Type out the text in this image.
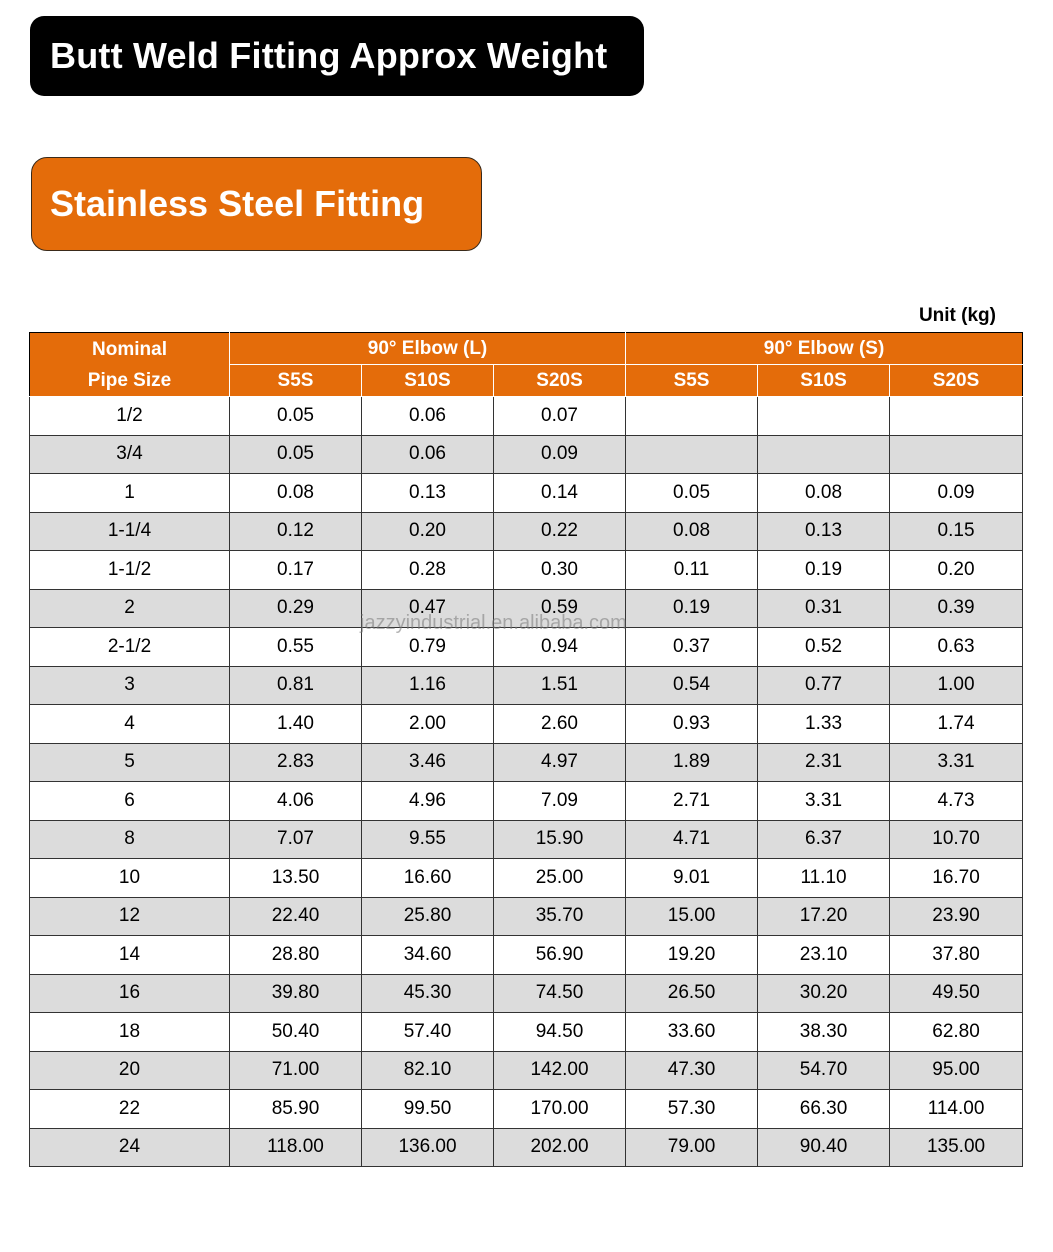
Butt Weld Fitting Approx Weight
Stainless Steel Fitting
Unit (kg)
Nominal
Pipe Size	90° Elbow (L)			90° Elbow (S)		
	S5S	S10S	S20S	S5S	S10S	S20S
1/2	0.05	0.06	0.07			
3/4	0.05	0.06	0.09			
1	0.08	0.13	0.14	0.05	0.08	0.09
1-1/4	0.12	0.20	0.22	0.08	0.13	0.15
1-1/2	0.17	0.28	0.30	0.11	0.19	0.20
2	0.29	0.47	0.59	0.19	0.31	0.39
2-1/2	0.55	0.79	0.94	0.37	0.52	0.63
3	0.81	1.16	1.51	0.54	0.77	1.00
4	1.40	2.00	2.60	0.93	1.33	1.74
5	2.83	3.46	4.97	1.89	2.31	3.31
6	4.06	4.96	7.09	2.71	3.31	4.73
8	7.07	9.55	15.90	4.71	6.37	10.70
10	13.50	16.60	25.00	9.01	11.10	16.70
12	22.40	25.80	35.70	15.00	17.20	23.90
14	28.80	34.60	56.90	19.20	23.10	37.80
16	39.80	45.30	74.50	26.50	30.20	49.50
18	50.40	57.40	94.50	33.60	38.30	62.80
20	71.00	82.10	142.00	47.30	54.70	95.00
22	85.90	99.50	170.00	57.30	66.30	114.00
24	118.00	136.00	202.00	79.00	90.40	135.00
jazzyindustrial.en.alibaba.com
